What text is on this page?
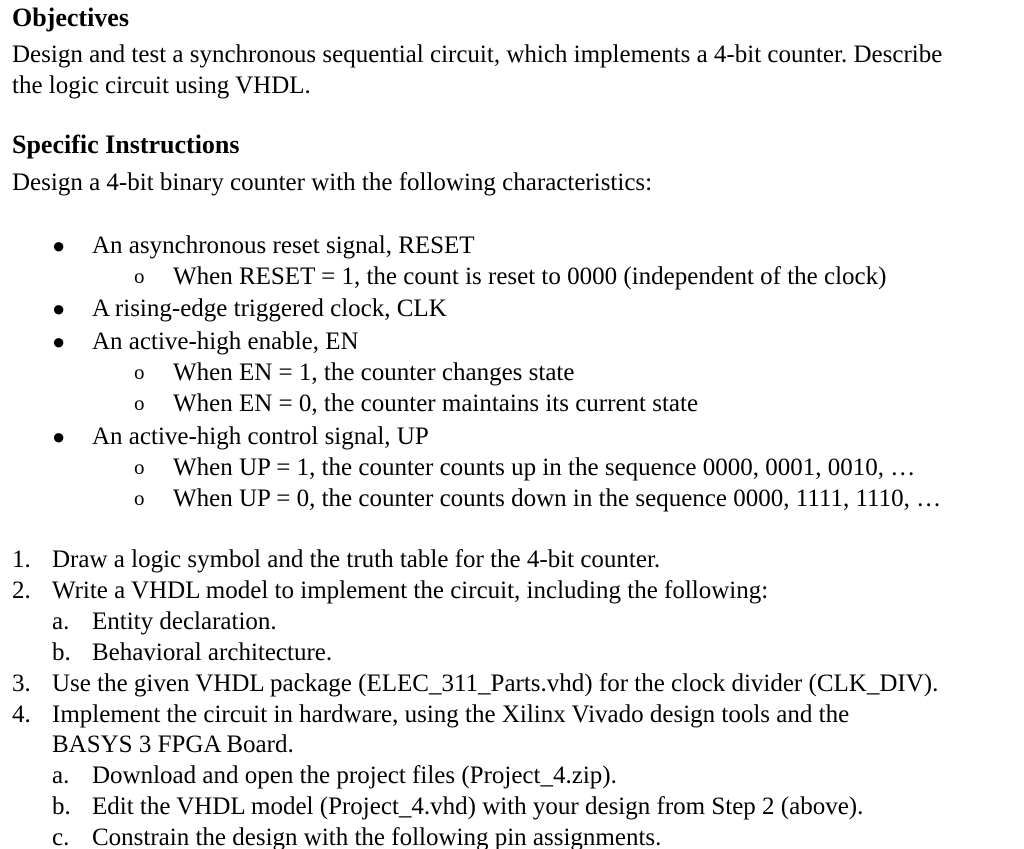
Objectives
Design and test a synchronous sequential circuit, which implements a 4-bit counter. Describe
the logic circuit using VHDL.
Specific Instructions
Design a 4-bit binary counter with the following characteristics:
● An asynchronous reset signal, RESET
o When RESET = 1, the count is reset to 0000 (independent of the clock)
● A rising-edge triggered clock, CLK
● An active-high enable, EN
o When EN = 1, the counter changes state
o When EN = 0, the counter maintains its current state
● An active-high control signal, UP
o When UP = 1, the counter counts up in the sequence 0000, 0001, 0010, …
o When UP = 0, the counter counts down in the sequence 0000, 1111, 1110, …
1. Draw a logic symbol and the truth table for the 4-bit counter.
2. Write a VHDL model to implement the circuit, including the following:
a. Entity declaration.
b. Behavioral architecture.
3. Use the given VHDL package (ELEC_311_Parts.vhd) for the clock divider (CLK_DIV).
4. Implement the circuit in hardware, using the Xilinx Vivado design tools and the
BASYS 3 FPGA Board.
a. Download and open the project files (Project_4.zip).
b. Edit the VHDL model (Project_4.vhd) with your design from Step 2 (above).
c. Constrain the design with the following pin assignments.
